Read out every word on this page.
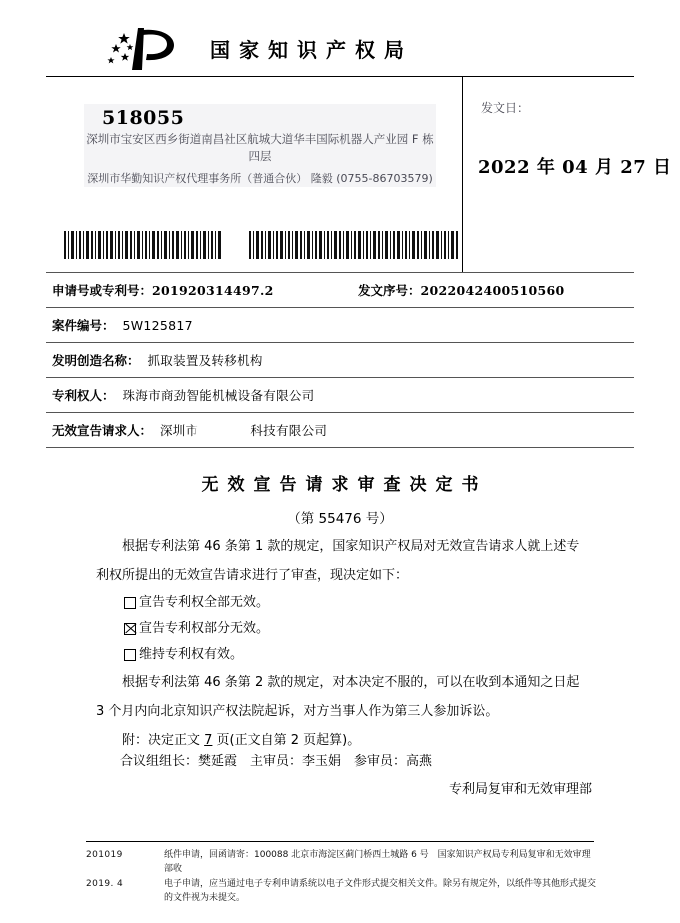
国家知识产权局
518055
深圳市宝安区西乡街道南昌社区航城大道华丰国际机器人产业园 F 栋
四层
深圳市华勤知识产权代理事务所（普通合伙） 隆毅 (0755-86703579)
发文日：
2022 年 04 月 27 日
申请号或专利号：201920314497.2	发文序号：2022042400510560
案件编号： 5W125817
发明创造名称： 抓取装置及转移机构
专利权人： 珠海市商劲智能机械设备有限公司
无效宣告请求人： 深圳市	科技有限公司
无效宣告请求审查决定书
（第 55476 号）

根据专利法第 46 条第 1 款的规定，国家知识产权局对无效宣告请求人就上述专利权所提出的无效宣告请求进行了审查，现决定如下：

宣告专利权全部无效。
宣告专利权部分无效。
维持专利权有效。

根据专利法第 46 条第 2 款的规定，对本决定不服的，可以在收到本通知之日起 3 个月内向北京知识产权法院起诉，对方当事人作为第三人参加诉讼。

附：决定正文 7 页(正文自第 2 页起算)。

合议组组长：樊延霞　主审员：李玉娟　参审员：高燕
专利局复审和无效审理部
201019	纸件申请，回函请寄：100088 北京市海淀区蓟门桥西土城路 6 号　国家知识产权局专利局复审和无效审理部收
2019. 4	电子申请，应当通过电子专利申请系统以电子文件形式提交相关文件。除另有规定外，以纸件等其他形式提交的文件视为未提交。
